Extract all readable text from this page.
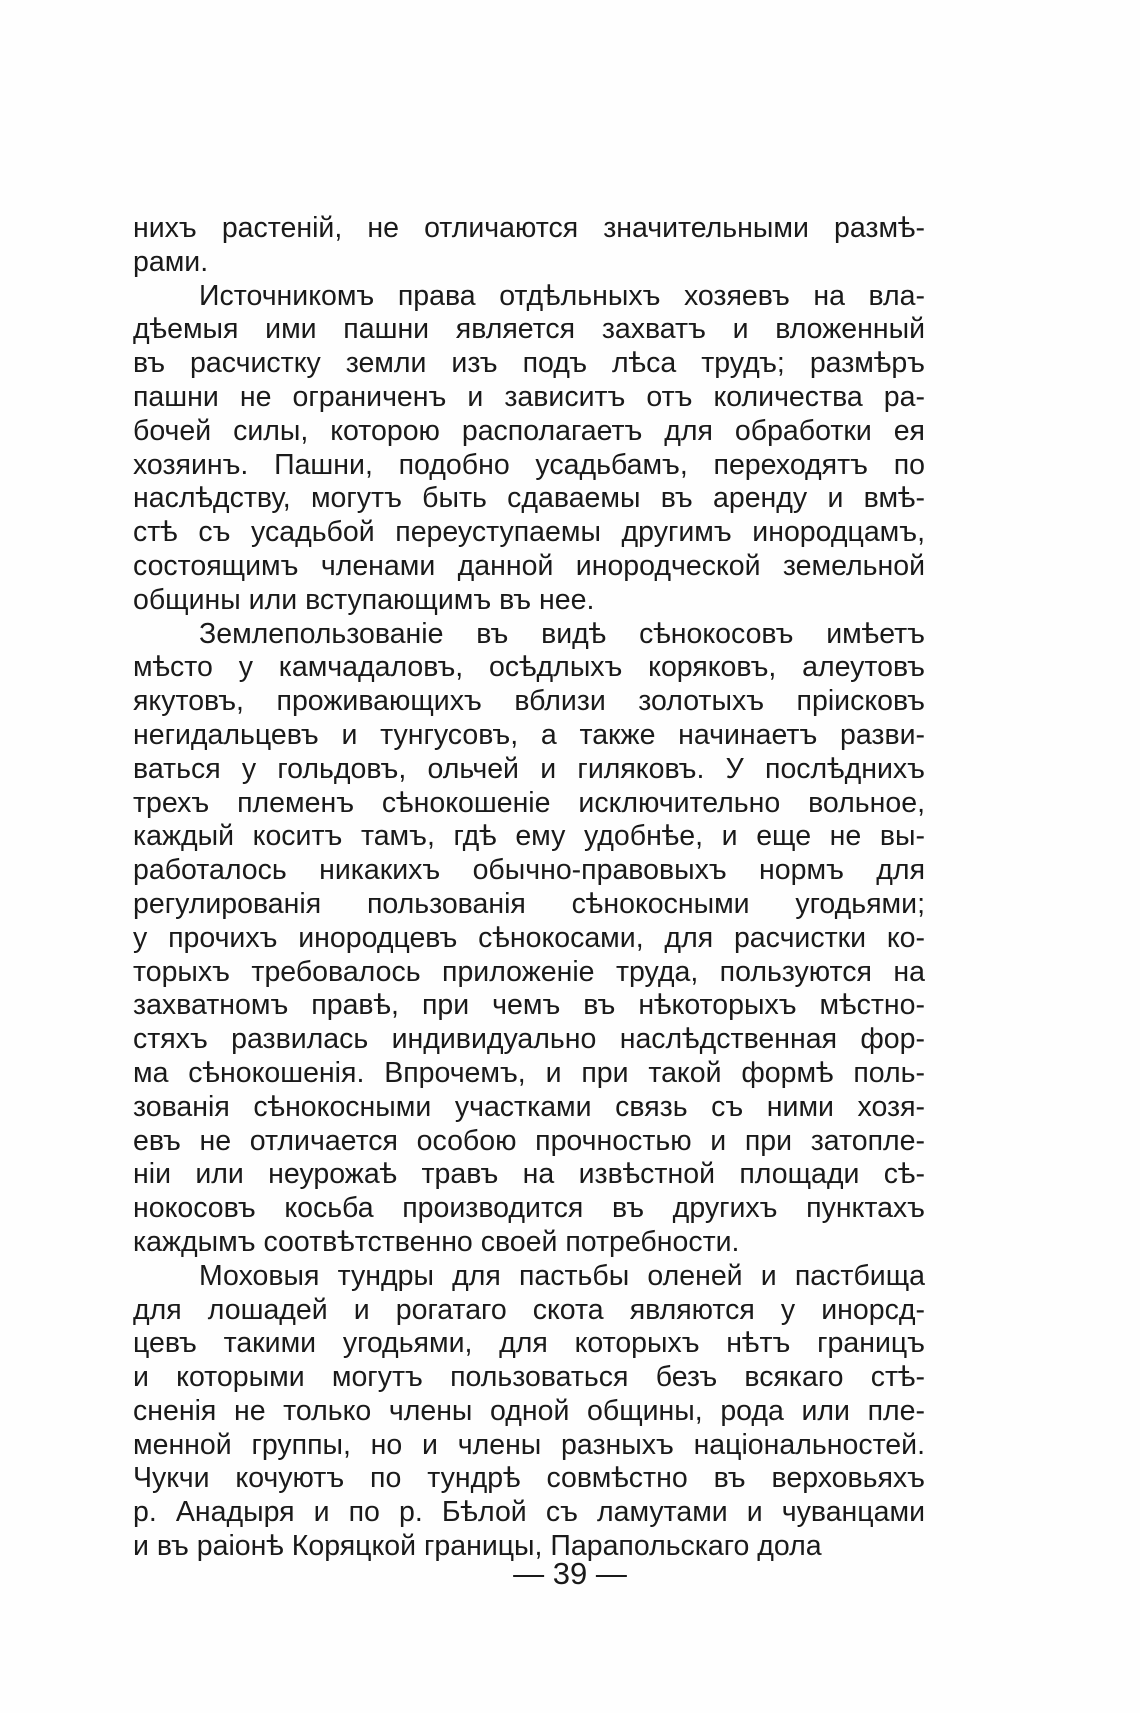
нихъ растенiй, не отличаются значительными размѣ-
рами.
Источникомъ права отдѣльныхъ хозяевъ на вла-
дѣемыя ими пашни является захватъ и вложенный
въ расчистку земли изъ подъ лѣса трудъ; размѣръ
пашни не ограниченъ и зависитъ отъ количества ра-
бочей силы, которою располагаетъ для обработки ея
хозяинъ. Пашни, подобно усадьбамъ, переходятъ по
наслѣдству, могутъ быть сдаваемы въ аренду и вмѣ-
стѣ съ усадьбой переуступаемы другимъ инородцамъ,
состоящимъ членами данной инородческой земельной
общины или вступающимъ въ нее.
Землепользованiе въ видѣ сѣнокосовъ имѣетъ
мѣсто у камчадаловъ, осѣдлыхъ коряковъ, алеутовъ
якутовъ, проживающихъ вблизи золотыхъ прiисковъ
негидальцевъ и тунгусовъ, а также начинаетъ разви-
ваться у гольдовъ, ольчей и гиляковъ. У послѣднихъ
трехъ племенъ сѣнокошенiе исключительно вольное,
каждый коситъ тамъ, гдѣ ему удобнѣе, и еще не вы-
работалось никакихъ обычно-правовыхъ нормъ для
регулированiя пользованiя сѣнокосными угодьями;
у прочихъ инородцевъ сѣнокосами, для расчистки ко-
торыхъ требовалось приложенiе труда, пользуются на
захватномъ правѣ, при чемъ въ нѣкоторыхъ мѣстно-
стяхъ развилась индивидуально наслѣдственная фор-
ма сѣнокошенiя. Впрочемъ, и при такой формѣ поль-
зованiя сѣнокосными участками связь съ ними хозя-
евъ не отличается особою прочностью и при затопле-
нiи или неурожаѣ травъ на извѣстной площади сѣ-
нокосовъ косьба производится въ другихъ пунктахъ
каждымъ соотвѣтственно своей потребности.
Моховыя тундры для пастьбы оленей и пастбища
для лошадей и рогатаго скота являются у инорсд-
цевъ такими угодьями, для которыхъ нѣтъ границъ
и которыми могутъ пользоваться безъ всякаго стѣ-
сненiя не только члены одной общины, рода или пле-
менной группы, но и члены разныхъ нацiональностей.
Чукчи кочуютъ по тундрѣ совмѣстно въ верховьяхъ
р. Анадыря и по р. Бѣлой съ ламутами и чуванцами
и въ раiонѣ Коряцкой границы, Парапольскаго дола
— 39 —
